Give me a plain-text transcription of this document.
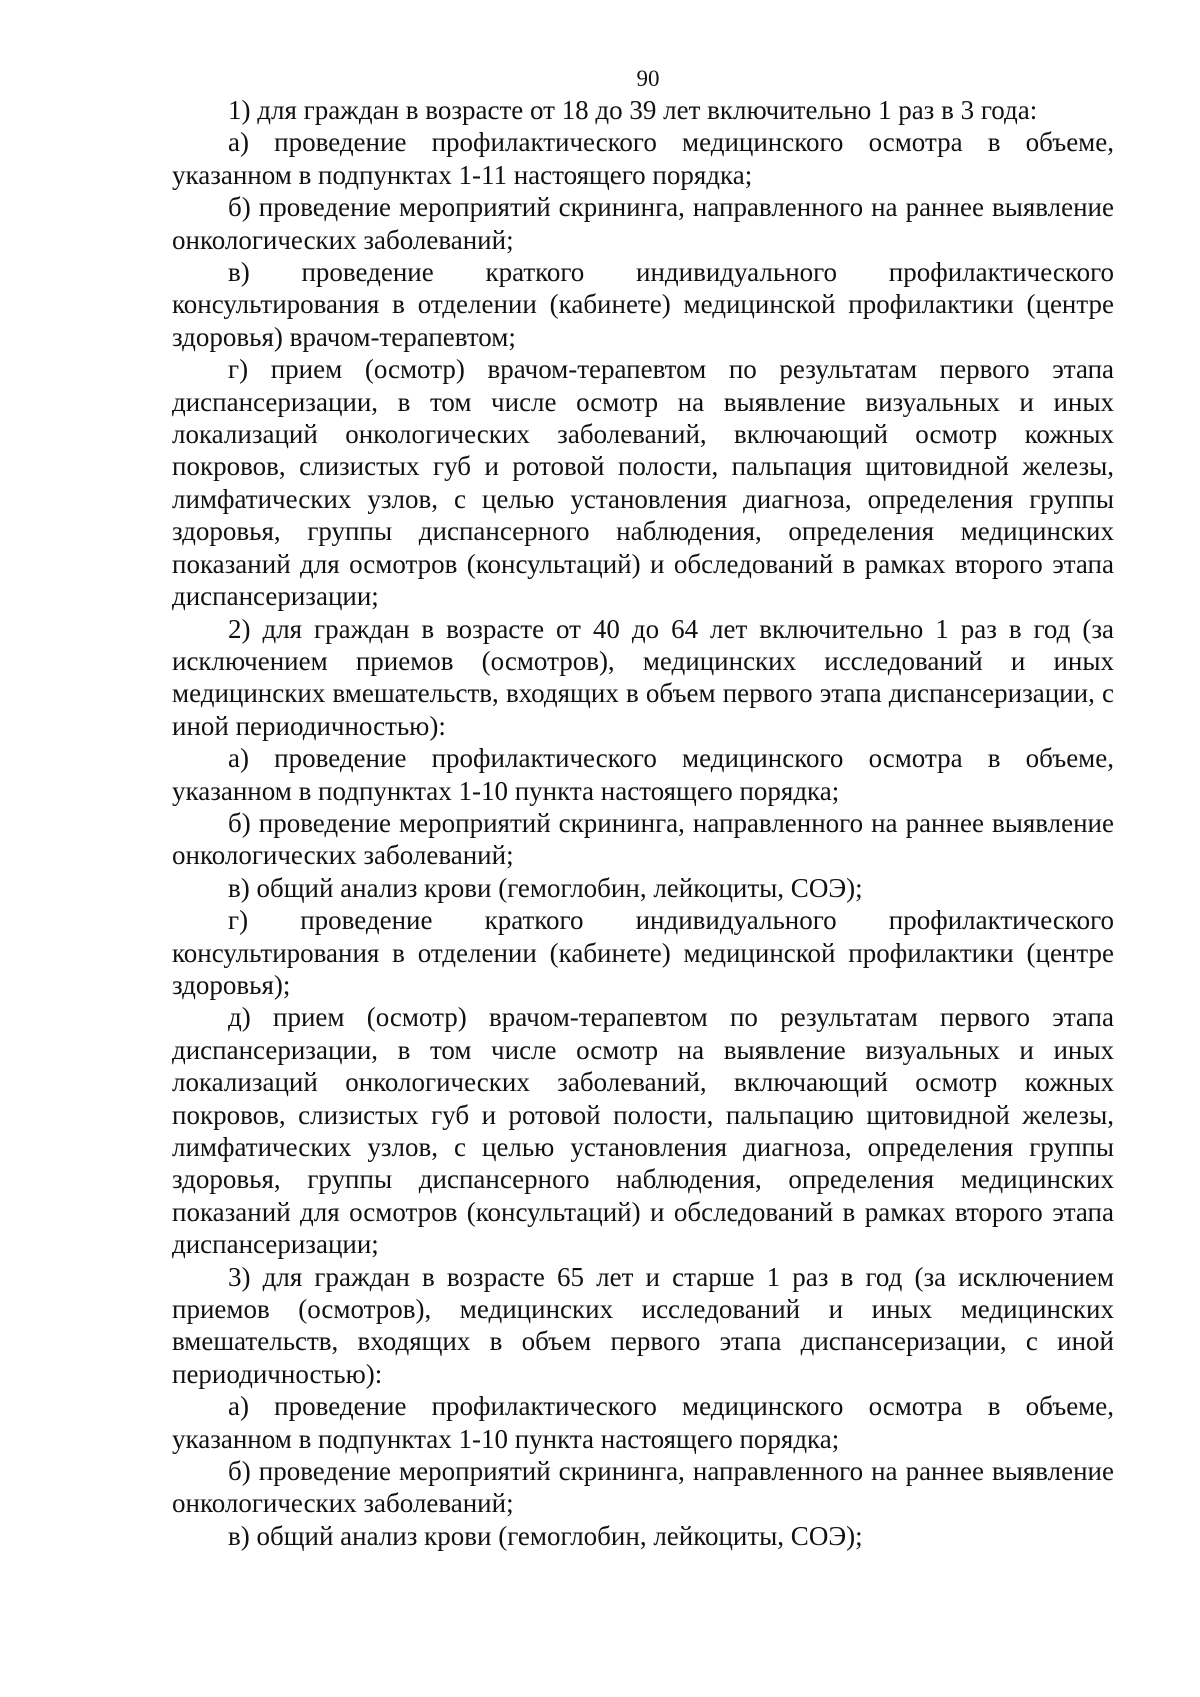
90

1) для граждан в возрасте от 18 до 39 лет включительно 1 раз в 3 года:

а) проведение профилактического медицинского осмотра в объеме, указанном в подпунктах 1-11 настоящего порядка;

б) проведение мероприятий скрининга, направленного на раннее выявление онкологических заболеваний;

в) проведение краткого индивидуального профилактического консультирования в отделении (кабинете) медицинской профилактики (центре здоровья) врачом-терапевтом;

г) прием (осмотр) врачом-терапевтом по результатам первого этапа диспансеризации, в том числе осмотр на выявление визуальных и иных локализаций онкологических заболеваний, включающий осмотр кожных покровов, слизистых губ и ротовой полости, пальпация щитовидной железы, лимфатических узлов, с целью установления диагноза, определения группы здоровья, группы диспансерного наблюдения, определения медицинских показаний для осмотров (консультаций) и обследований в рамках второго этапа диспансеризации;

2) для граждан в возрасте от 40 до 64 лет включительно 1 раз в год (за исключением приемов (осмотров), медицинских исследований и иных медицинских вмешательств, входящих в объем первого этапа диспансеризации, с иной периодичностью):

а) проведение профилактического медицинского осмотра в объеме, указанном в подпунктах 1-10 пункта настоящего порядка;

б) проведение мероприятий скрининга, направленного на раннее выявление онкологических заболеваний;

в) общий анализ крови (гемоглобин, лейкоциты, СОЭ);

г) проведение краткого индивидуального профилактического консультирования в отделении (кабинете) медицинской профилактики (центре здоровья);

д) прием (осмотр) врачом-терапевтом по результатам первого этапа диспансеризации, в том числе осмотр на выявление визуальных и иных локализаций онкологических заболеваний, включающий осмотр кожных покровов, слизистых губ и ротовой полости, пальпацию щитовидной железы, лимфатических узлов, с целью установления диагноза, определения группы здоровья, группы диспансерного наблюдения, определения медицинских показаний для осмотров (консультаций) и обследований в рамках второго этапа диспансеризации;

3) для граждан в возрасте 65 лет и старше 1 раз в год (за исключением приемов (осмотров), медицинских исследований и иных медицинских вмешательств, входящих в объем первого этапа диспансеризации, с иной периодичностью):

а) проведение профилактического медицинского осмотра в объеме, указанном в подпунктах 1-10 пункта настоящего порядка;

б) проведение мероприятий скрининга, направленного на раннее выявление онкологических заболеваний;

в) общий анализ крови (гемоглобин, лейкоциты, СОЭ);
